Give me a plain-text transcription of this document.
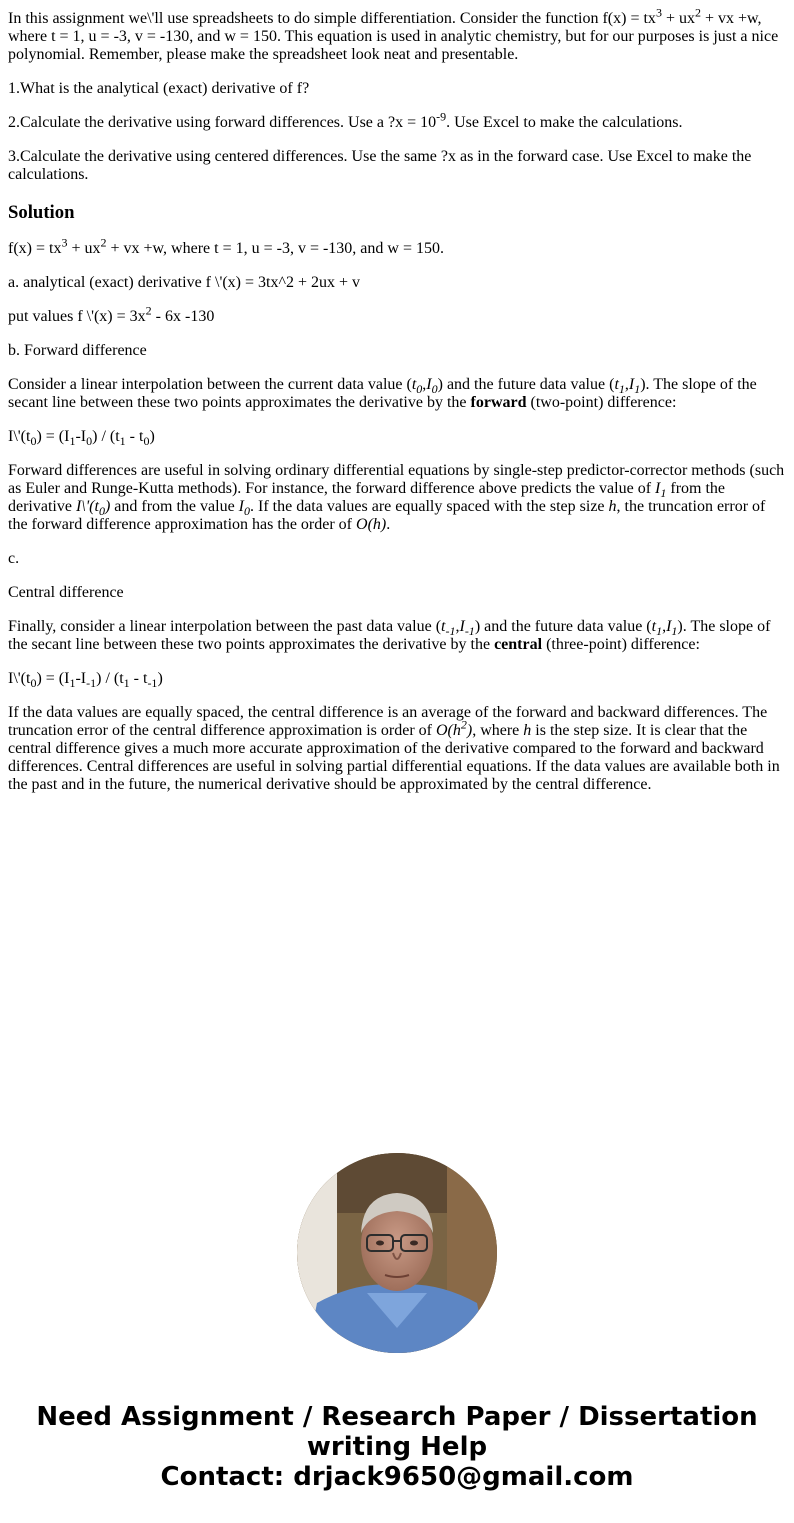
In this assignment we\'ll use spreadsheets to do simple differentiation. Consider the function $f(x) = tx^3 + ux^2$ + vx +w, where t = 1, u = -3, v = -130, and w = 150. This equation is used in analytic chemistry, but for our purposes is just a nice polynomial. Remember, please make the spreadsheet look neat and presentable.

1.What is the analytical (exact) derivative of f?

2.Calculate the derivative using forward differences. Use a ?x = $10^{-9}$. Use Excel to make the calculations.

3.Calculate the derivative using centered differences. Use the same ?x as in the forward case. Use Excel to make the calculations.

Solution

$f(x) = tx^3 + ux^2$ + vx +w, where t = 1, u = -3, v = -130, and w = 150.

a. analytical (exact) derivative f \'(x) = 3tx^2 + 2ux + v

put values f \'(x) = $3x^2 - 6x$ -130

b. Forward difference

Consider a linear interpolation between the current data value $(t_0,I_0)$ and the future data value $(t_1,I_1)$. The slope of the secant line between these two points approximates the derivative by the forward (two-point) difference:

$I\backslash'(t_0) = (I_1-I_0) / (t_1 - t_0)$

Forward differences are useful in solving ordinary differential equations by single-step predictor-corrector methods (such as Euler and Runge-Kutta methods). For instance, the forward difference above predicts the value of $I_1$ from the derivative $I\backslash'(t_0)$ and from the value $I_0$. If the data values are equally spaced with the step size h, the truncation error of the forward difference approximation has the order of O(h).

c.

Central difference

Finally, consider a linear interpolation between the past data value $(t_{-1},I_{-1})$ and the future data value $(t_1,I_1)$. The slope of the secant line between these two points approximates the derivative by the central (three-point) difference:

$I\backslash'(t_0) = (I_1-I_{-1}) / (t_1 - t_{-1})$

If the data values are equally spaced, the central difference is an average of the forward and backward differences. The truncation error of the central difference approximation is order of $O(h^2)$, where h is the step size. It is clear that the central difference gives a much more accurate approximation of the derivative compared to the forward and backward differences. Central differences are useful in solving partial differential equations. If the data values are available both in the past and in the future, the numerical derivative should be approximated by the central difference.

Need Assignment / Research Paper / Dissertation
writing Help
Contact: drjack9650@gmail.com
